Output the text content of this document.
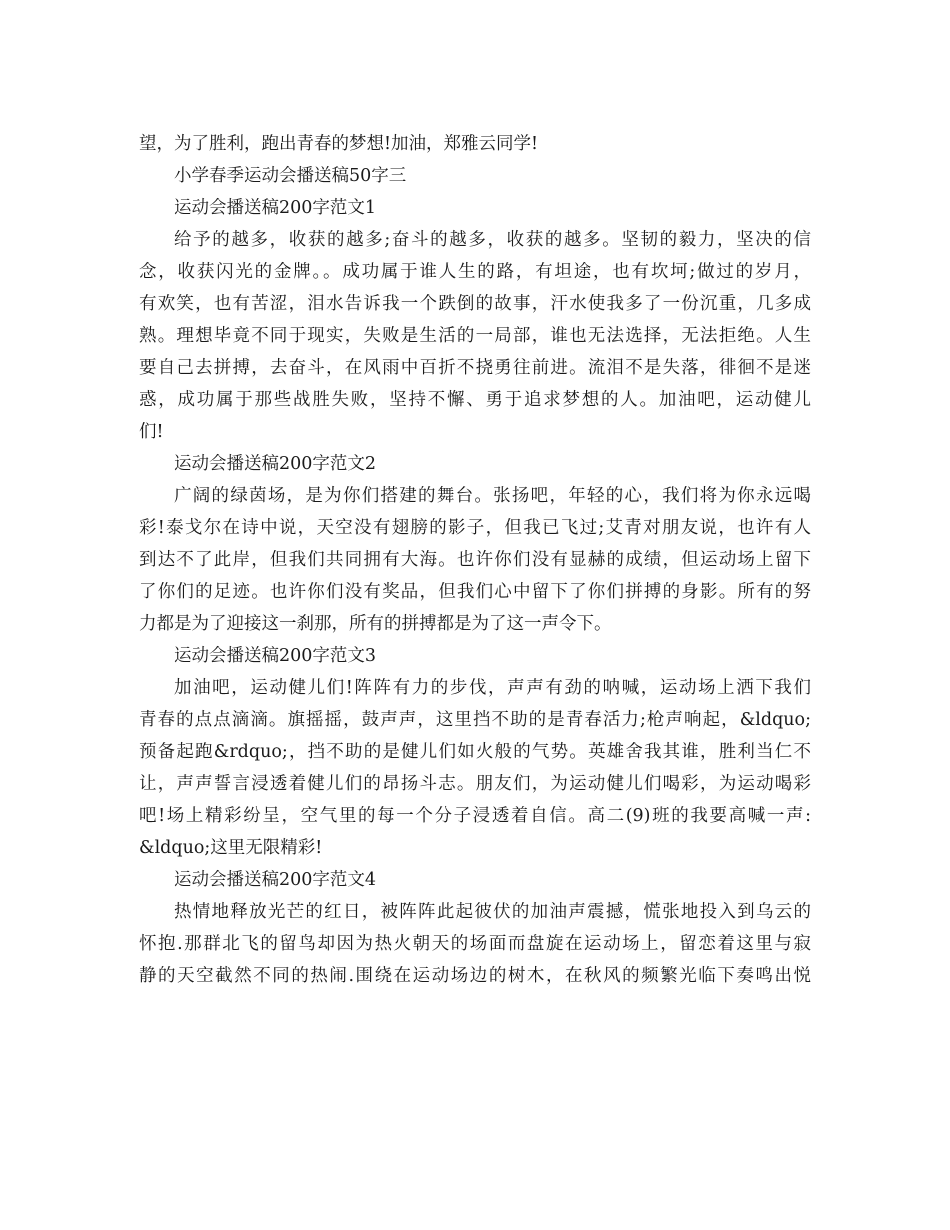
望，为了胜利，跑出青春的梦想!加油，郑雅云同学!
小学春季运动会播送稿50字三
运动会播送稿200字范文1
给予的越多，收获的越多;奋斗的越多，收获的越多。坚韧的毅力，坚决的信
念，收获闪光的金牌。。成功属于谁人生的路，有坦途，也有坎坷;做过的岁月，
有欢笑，也有苦涩，泪水告诉我一个跌倒的故事，汗水使我多了一份沉重，几多成
熟。理想毕竟不同于现实，失败是生活的一局部，谁也无法选择，无法拒绝。人生
要自己去拼搏，去奋斗，在风雨中百折不挠勇往前进。流泪不是失落，徘徊不是迷
惑，成功属于那些战胜失败，坚持不懈、勇于追求梦想的人。加油吧，运动健儿
们!
运动会播送稿200字范文2
广阔的绿茵场，是为你们搭建的舞台。张扬吧，年轻的心，我们将为你永远喝
彩!泰戈尔在诗中说，天空没有翅膀的影子，但我已飞过;艾青对朋友说，也许有人
到达不了此岸，但我们共同拥有大海。也许你们没有显赫的成绩，但运动场上留下
了你们的足迹。也许你们没有奖品，但我们心中留下了你们拼搏的身影。所有的努
力都是为了迎接这一刹那，所有的拼搏都是为了这一声令下。
运动会播送稿200字范文3
加油吧，运动健儿们!阵阵有力的步伐，声声有劲的呐喊，运动场上洒下我们
青春的点点滴滴。旗摇摇，鼓声声，这里挡不助的是青春活力;枪声响起，&ldquo;
预备起跑&rdquo;，挡不助的是健儿们如火般的气势。英雄舍我其谁，胜利当仁不
让，声声誓言浸透着健儿们的昂扬斗志。朋友们，为运动健儿们喝彩，为运动喝彩
吧!场上精彩纷呈，空气里的每一个分子浸透着自信。高二(9)班的我要高喊一声:
&ldquo;这里无限精彩!
运动会播送稿200字范文4
热情地释放光芒的红日，被阵阵此起彼伏的加油声震撼，慌张地投入到乌云的
怀抱.那群北飞的留鸟却因为热火朝天的场面而盘旋在运动场上，留恋着这里与寂
静的天空截然不同的热闹.围绕在运动场边的树木，在秋风的频繁光临下奏鸣出悦
